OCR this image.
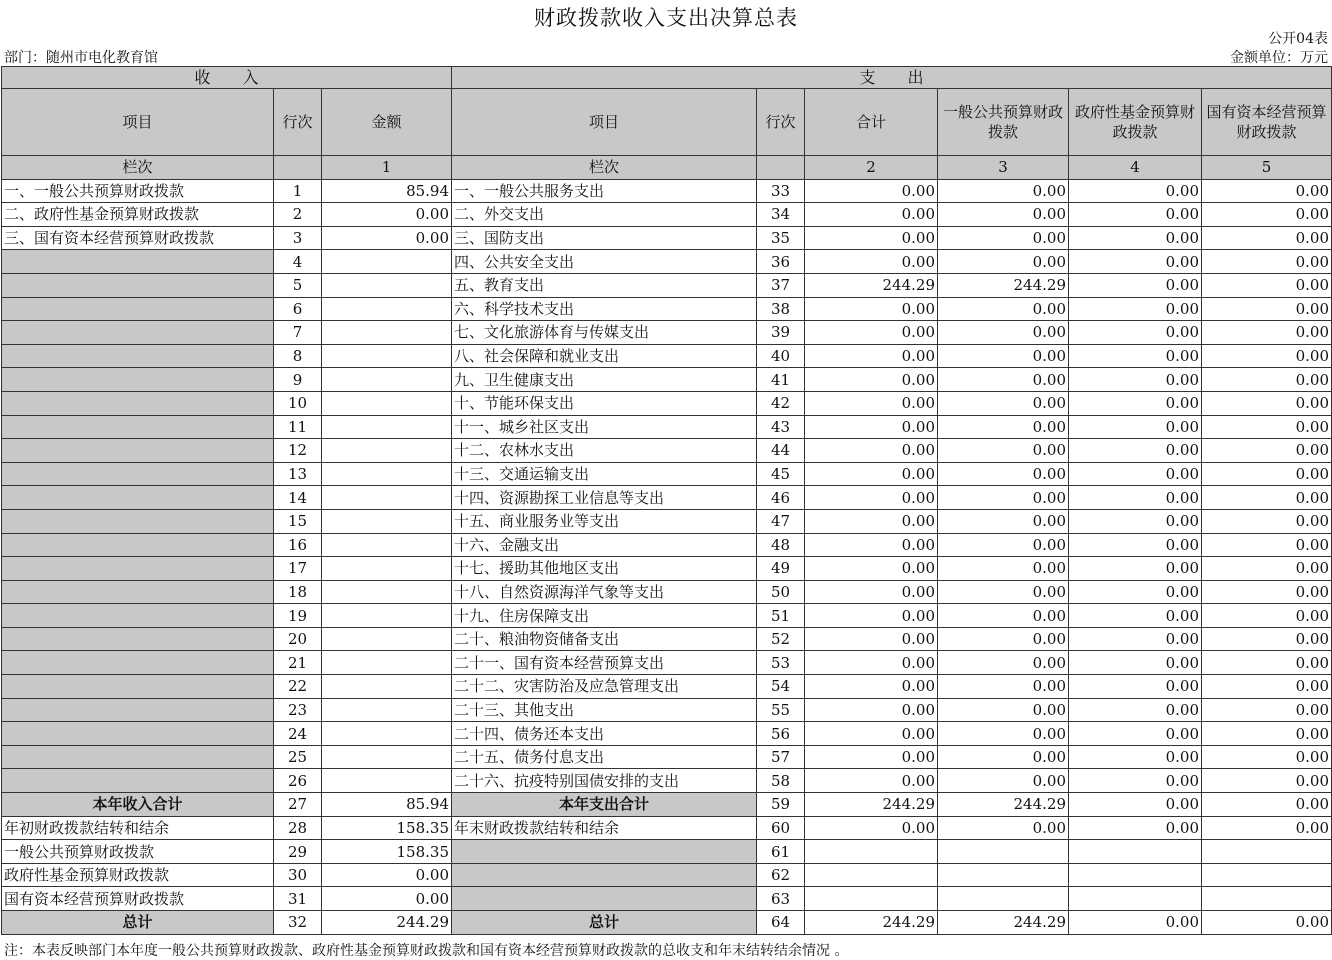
财政拨款收入支出决算总表
公开04表
部门：随州市电化教育馆	金额单位：万元
收　　入			支　　出					
项目	行次	金额	项目	行次	合计	一般公共预算财政拨款	政府性基金预算财政拨款	国有资本经营预算财政拨款
栏次		1	栏次		2	3	4	5
一、一般公共预算财政拨款	1	85.94	一、一般公共服务支出	33	0.00	0.00	0.00	0.00
二、政府性基金预算财政拨款	2	0.00	二、外交支出	34	0.00	0.00	0.00	0.00
三、国有资本经营预算财政拨款	3	0.00	三、国防支出	35	0.00	0.00	0.00	0.00
	4		四、公共安全支出	36	0.00	0.00	0.00	0.00
	5		五、教育支出	37	244.29	244.29	0.00	0.00
	6		六、科学技术支出	38	0.00	0.00	0.00	0.00
	7		七、文化旅游体育与传媒支出	39	0.00	0.00	0.00	0.00
	8		八、社会保障和就业支出	40	0.00	0.00	0.00	0.00
	9		九、卫生健康支出	41	0.00	0.00	0.00	0.00
	10		十、节能环保支出	42	0.00	0.00	0.00	0.00
	11		十一、城乡社区支出	43	0.00	0.00	0.00	0.00
	12		十二、农林水支出	44	0.00	0.00	0.00	0.00
	13		十三、交通运输支出	45	0.00	0.00	0.00	0.00
	14		十四、资源勘探工业信息等支出	46	0.00	0.00	0.00	0.00
	15		十五、商业服务业等支出	47	0.00	0.00	0.00	0.00
	16		十六、金融支出	48	0.00	0.00	0.00	0.00
	17		十七、援助其他地区支出	49	0.00	0.00	0.00	0.00
	18		十八、自然资源海洋气象等支出	50	0.00	0.00	0.00	0.00
	19		十九、住房保障支出	51	0.00	0.00	0.00	0.00
	20		二十、粮油物资储备支出	52	0.00	0.00	0.00	0.00
	21		二十一、国有资本经营预算支出	53	0.00	0.00	0.00	0.00
	22		二十二、灾害防治及应急管理支出	54	0.00	0.00	0.00	0.00
	23		二十三、其他支出	55	0.00	0.00	0.00	0.00
	24		二十四、债务还本支出	56	0.00	0.00	0.00	0.00
	25		二十五、债务付息支出	57	0.00	0.00	0.00	0.00
	26		二十六、抗疫特别国债安排的支出	58	0.00	0.00	0.00	0.00
本年收入合计	27	85.94	本年支出合计	59	244.29	244.29	0.00	0.00
年初财政拨款结转和结余	28	158.35	年末财政拨款结转和结余	60	0.00	0.00	0.00	0.00
一般公共预算财政拨款	29	158.35		61				
政府性基金预算财政拨款	30	0.00		62				
国有资本经营预算财政拨款	31	0.00		63				
总计	32	244.29	总计	64	244.29	244.29	0.00	0.00
注：本表反映部门本年度一般公共预算财政拨款、政府性基金预算财政拨款和国有资本经营预算财政拨款的总收支和年末结转结余情况 。
